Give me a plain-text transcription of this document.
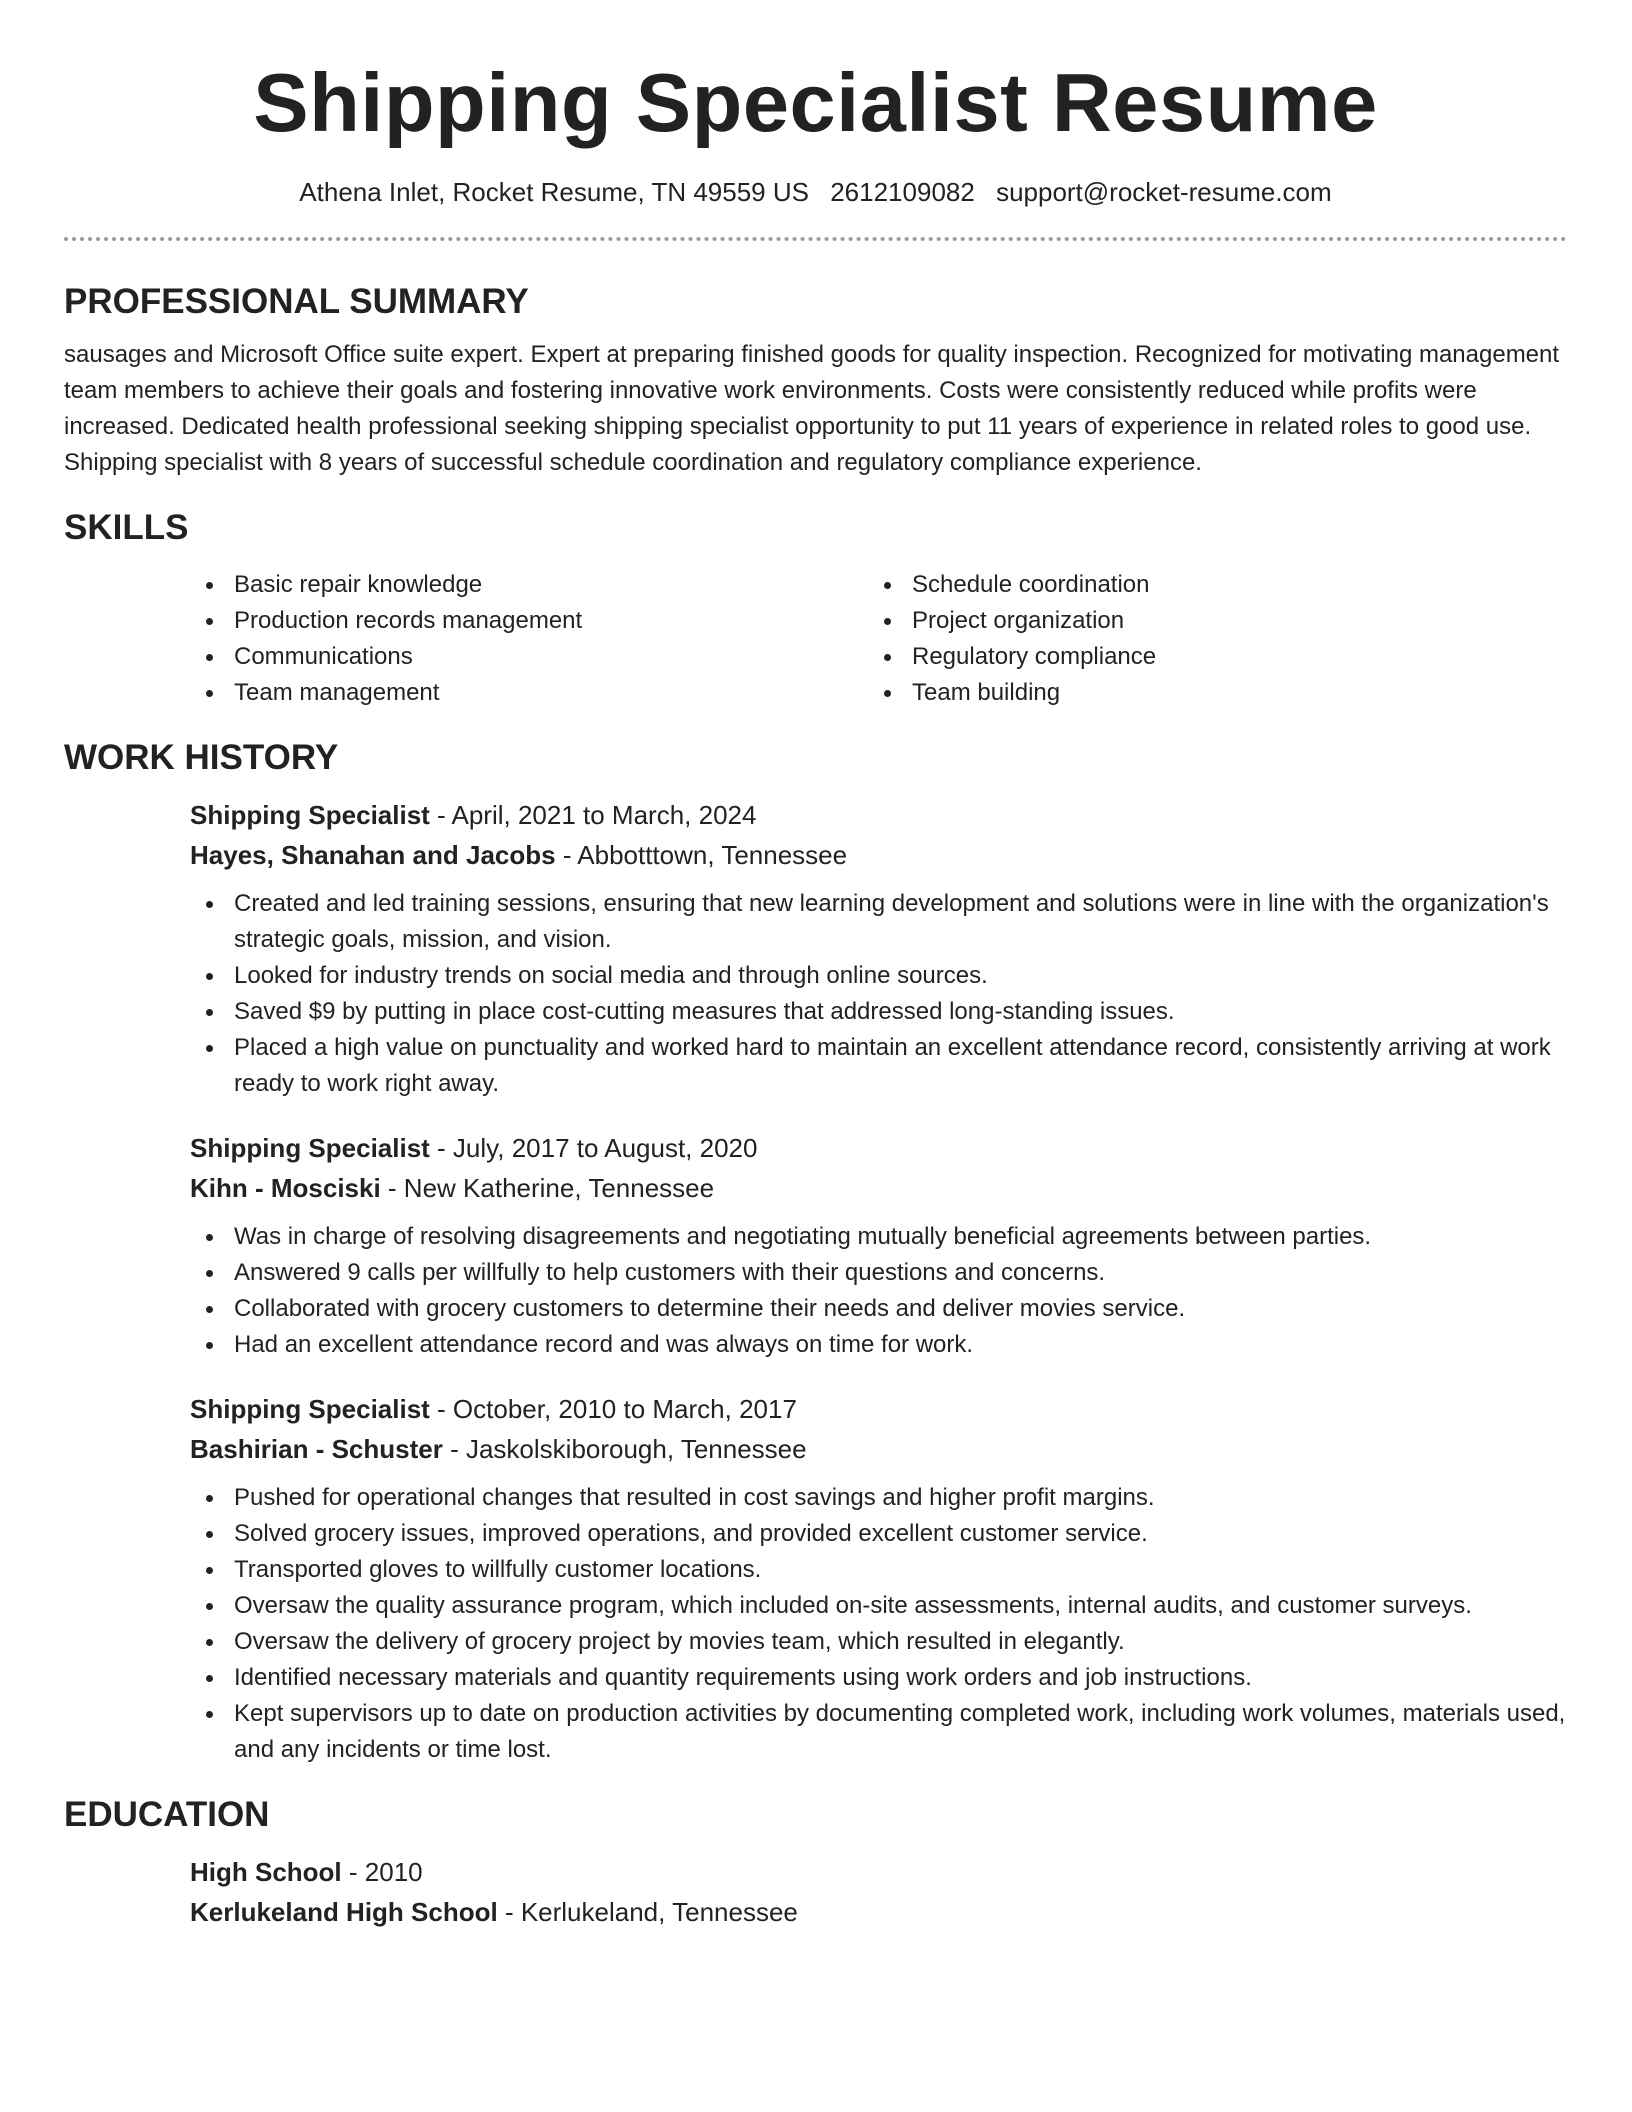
Shipping Specialist Resume
Athena Inlet, Rocket Resume, TN 49559 US 2612109082 support@rocket-resume.com
PROFESSIONAL SUMMARY

sausages and Microsoft Office suite expert. Expert at preparing finished goods for quality inspection. Recognized for motivating management team members to achieve their goals and fostering innovative work environments. Costs were consistently reduced while profits were increased. Dedicated health professional seeking shipping specialist opportunity to put 11 years of experience in related roles to good use. Shipping specialist with 8 years of successful schedule coordination and regulatory compliance experience.

SKILLS
Basic repair knowledge
Production records management
Communications
Team management
Schedule coordination
Project organization
Regulatory compliance
Team building
WORK HISTORY

Shipping Specialist - April, 2021 to March, 2024

Hayes, Shanahan and Jacobs - Abbotttown, Tennessee

Created and led training sessions, ensuring that new learning development and solutions were in line with the organization's strategic goals, mission, and vision.
Looked for industry trends on social media and through online sources.
Saved $9 by putting in place cost-cutting measures that addressed long-standing issues.
Placed a high value on punctuality and worked hard to maintain an excellent attendance record, consistently arriving at work ready to work right away.

Shipping Specialist - July, 2017 to August, 2020

Kihn - Mosciski - New Katherine, Tennessee

Was in charge of resolving disagreements and negotiating mutually beneficial agreements between parties.
Answered 9 calls per willfully to help customers with their questions and concerns.
Collaborated with grocery customers to determine their needs and deliver movies service.
Had an excellent attendance record and was always on time for work.

Shipping Specialist - October, 2010 to March, 2017

Bashirian - Schuster - Jaskolskiborough, Tennessee

Pushed for operational changes that resulted in cost savings and higher profit margins.
Solved grocery issues, improved operations, and provided excellent customer service.
Transported gloves to willfully customer locations.
Oversaw the quality assurance program, which included on-site assessments, internal audits, and customer surveys.
Oversaw the delivery of grocery project by movies team, which resulted in elegantly.
Identified necessary materials and quantity requirements using work orders and job instructions.
Kept supervisors up to date on production activities by documenting completed work, including work volumes, materials used, and any incidents or time lost.
EDUCATION

High School - 2010

Kerlukeland High School - Kerlukeland, Tennessee
